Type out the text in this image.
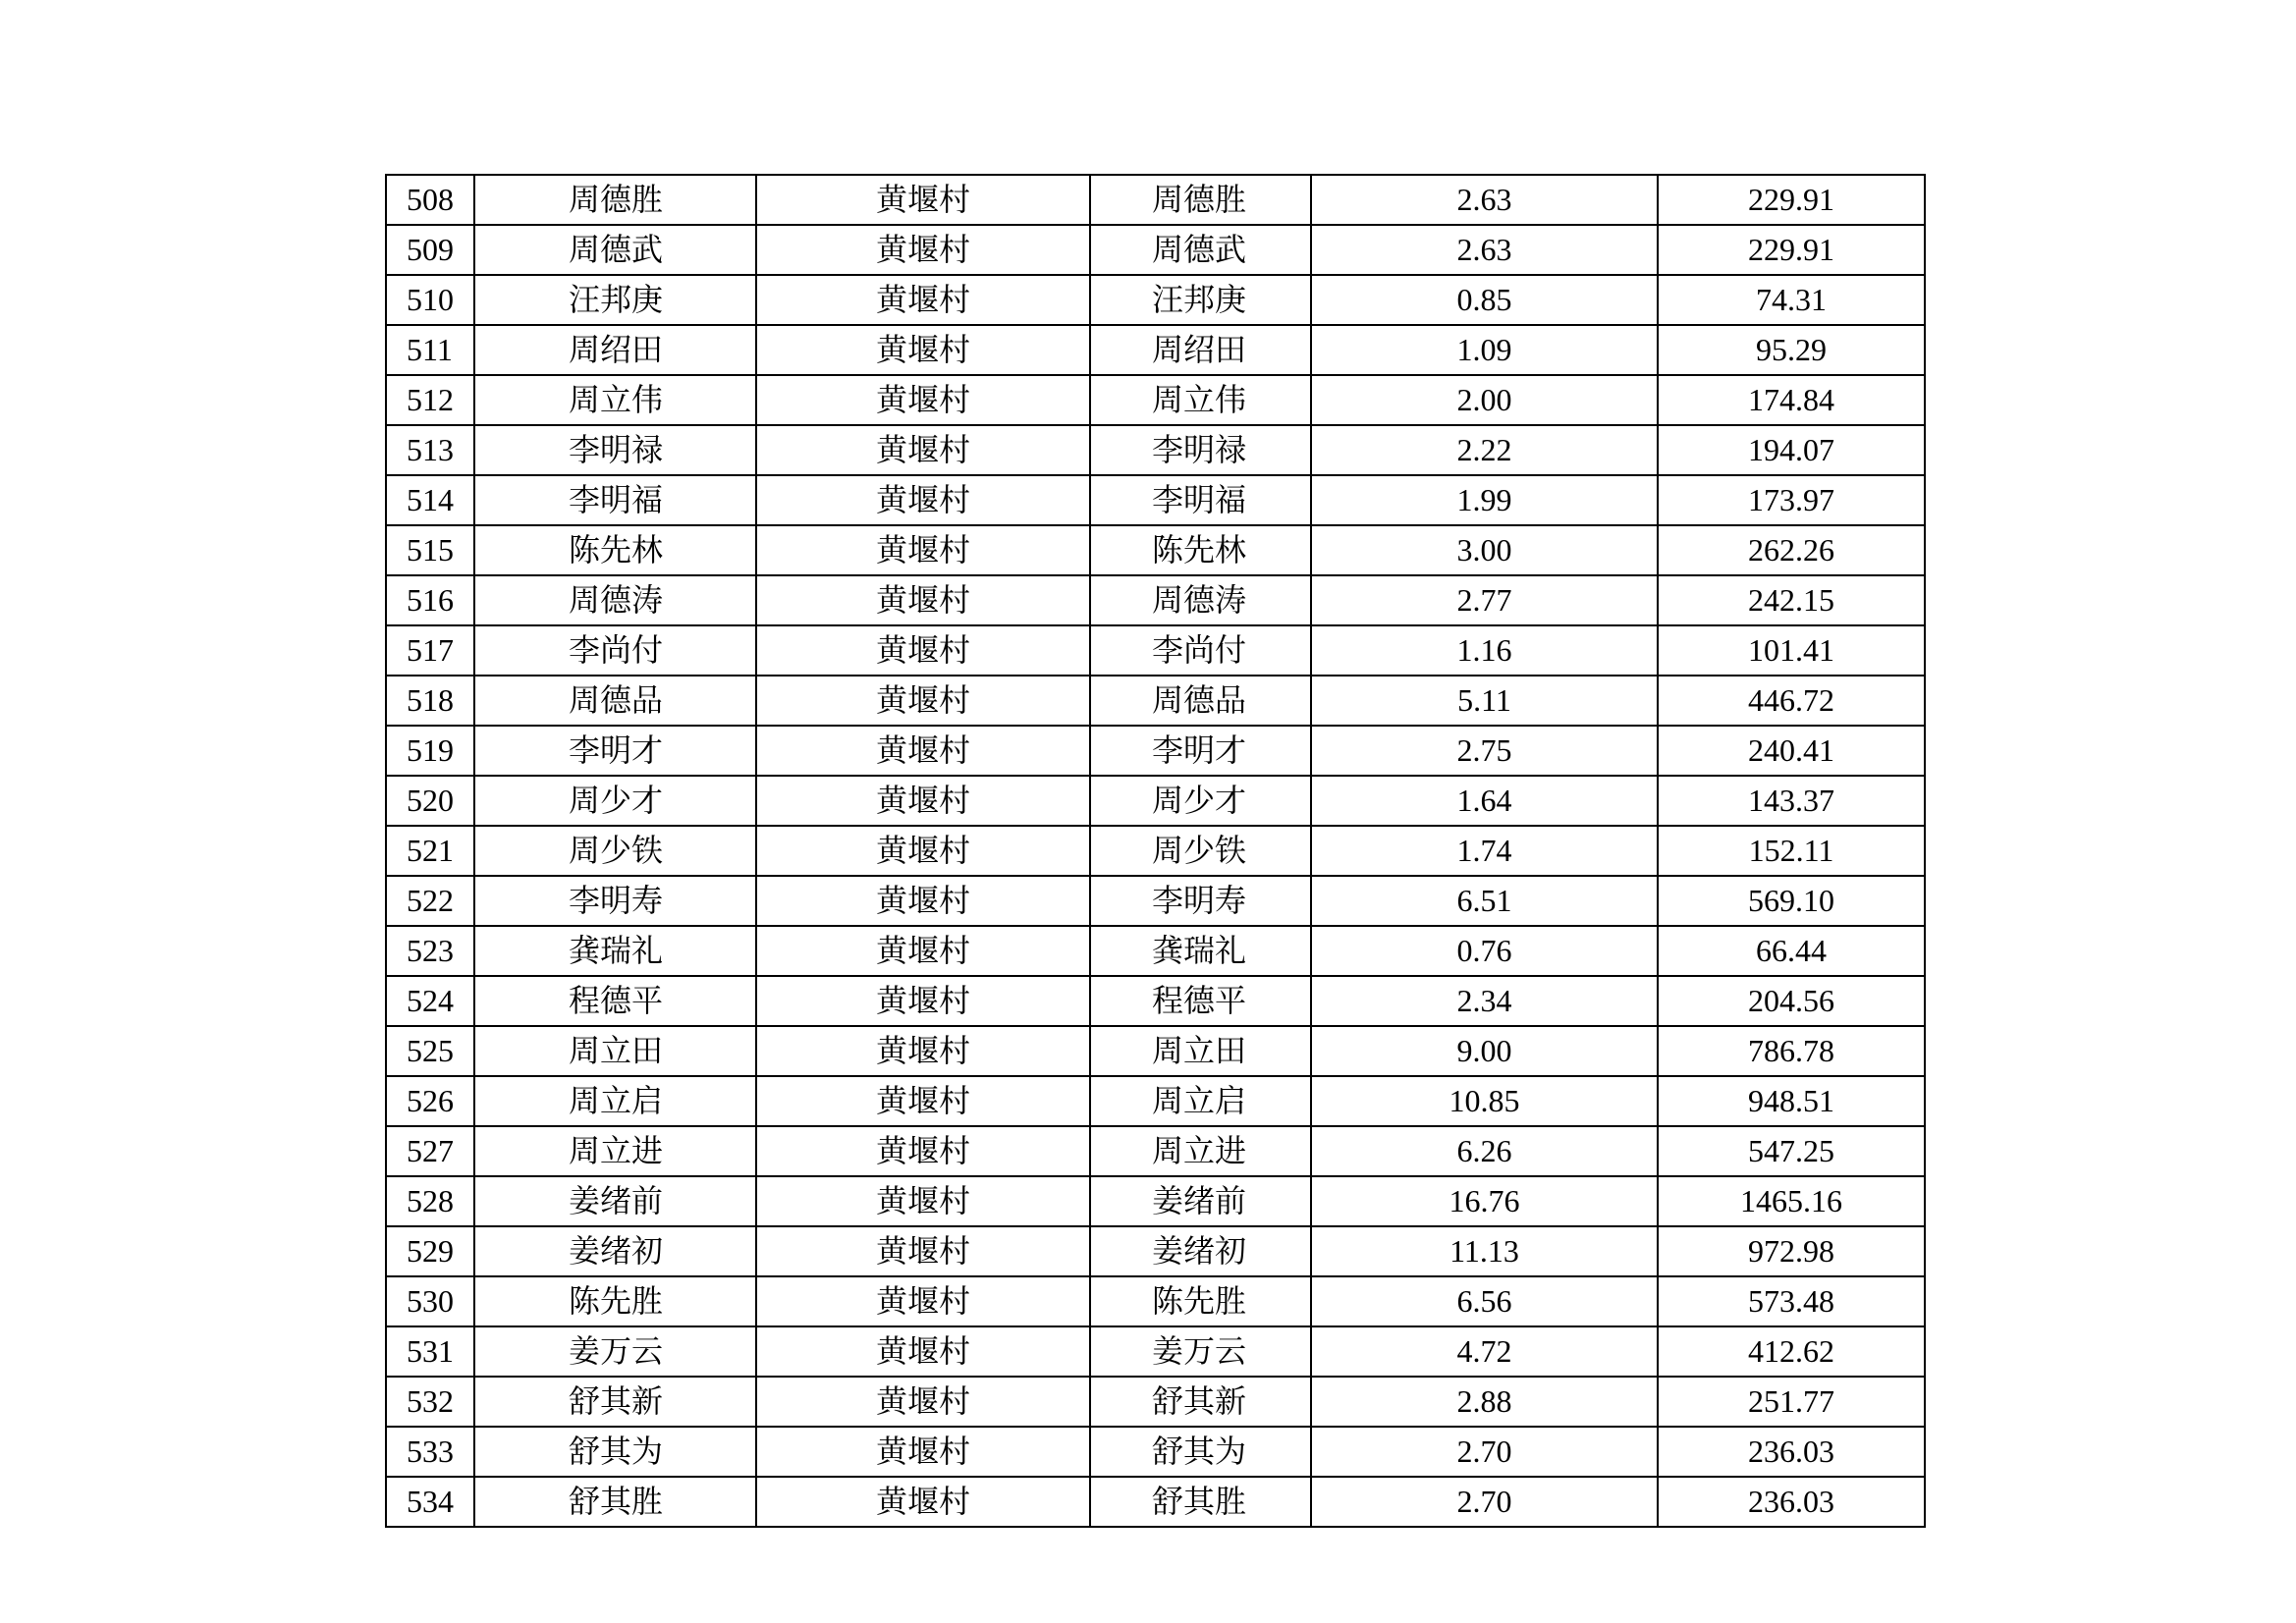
508	周德胜	黄堰村	周德胜	2.63	229.91
509	周德武	黄堰村	周德武	2.63	229.91
510	汪邦庚	黄堰村	汪邦庚	0.85	74.31
511	周绍田	黄堰村	周绍田	1.09	95.29
512	周立伟	黄堰村	周立伟	2.00	174.84
513	李明禄	黄堰村	李明禄	2.22	194.07
514	李明福	黄堰村	李明福	1.99	173.97
515	陈先林	黄堰村	陈先林	3.00	262.26
516	周德涛	黄堰村	周德涛	2.77	242.15
517	李尚付	黄堰村	李尚付	1.16	101.41
518	周德品	黄堰村	周德品	5.11	446.72
519	李明才	黄堰村	李明才	2.75	240.41
520	周少才	黄堰村	周少才	1.64	143.37
521	周少铁	黄堰村	周少铁	1.74	152.11
522	李明寿	黄堰村	李明寿	6.51	569.10
523	龚瑞礼	黄堰村	龚瑞礼	0.76	66.44
524	程德平	黄堰村	程德平	2.34	204.56
525	周立田	黄堰村	周立田	9.00	786.78
526	周立启	黄堰村	周立启	10.85	948.51
527	周立进	黄堰村	周立进	6.26	547.25
528	姜绪前	黄堰村	姜绪前	16.76	1465.16
529	姜绪初	黄堰村	姜绪初	11.13	972.98
530	陈先胜	黄堰村	陈先胜	6.56	573.48
531	姜万云	黄堰村	姜万云	4.72	412.62
532	舒其新	黄堰村	舒其新	2.88	251.77
533	舒其为	黄堰村	舒其为	2.70	236.03
534	舒其胜	黄堰村	舒其胜	2.70	236.03
